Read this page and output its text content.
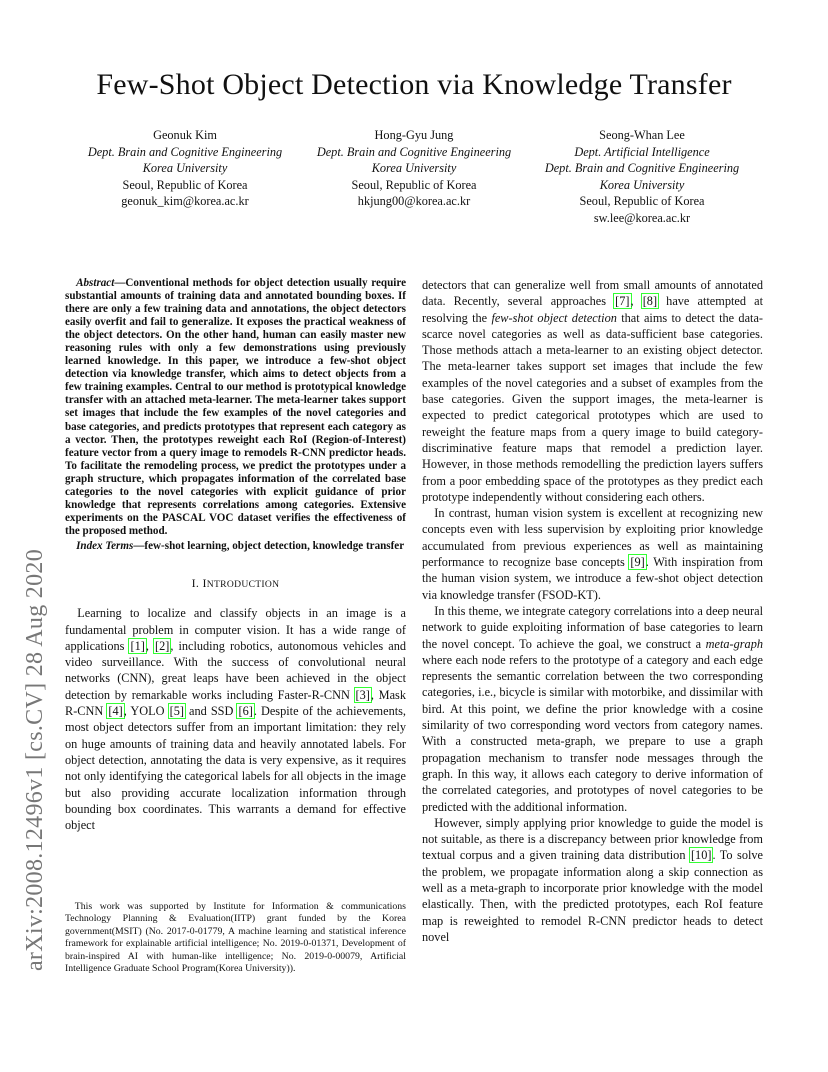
arXiv:2008.12496v1 [cs.CV] 28 Aug 2020
Few-Shot Object Detection via Knowledge Transfer
Geonuk Kim
Dept. Brain and Cognitive Engineering
Korea University
Seoul, Republic of Korea
geonuk_kim@korea.ac.kr
Hong-Gyu Jung
Dept. Brain and Cognitive Engineering
Korea University
Seoul, Republic of Korea
hkjung00@korea.ac.kr
Seong-Whan Lee
Dept. Artificial Intelligence
Dept. Brain and Cognitive Engineering
Korea University
Seoul, Republic of Korea
sw.lee@korea.ac.kr

Abstract—Conventional methods for object detection usually require substantial amounts of training data and annotated bounding boxes. If there are only a few training data and annotations, the object detectors easily overfit and fail to generalize. It exposes the practical weakness of the object detectors. On the other hand, human can easily master new reasoning rules with only a few demonstrations using previously learned knowledge. In this paper, we introduce a few-shot object detection via knowledge transfer, which aims to detect objects from a few training examples. Central to our method is prototypical knowledge transfer with an attached meta-learner. The meta-learner takes support set images that include the few examples of the novel categories and base categories, and predicts prototypes that represent each category as a vector. Then, the prototypes reweight each RoI (Region-of-Interest) feature vector from a query image to remodels R-CNN predictor heads. To facilitate the remodeling process, we predict the prototypes under a graph structure, which propagates information of the correlated base categories to the novel categories with explicit guidance of prior knowledge that represents correlations among categories. Extensive experiments on the PASCAL VOC dataset verifies the effectiveness of the proposed method.

Index Terms—few-shot learning, object detection, knowledge transfer

I. INTRODUCTION

Learning to localize and classify objects in an image is a fundamental problem in computer vision. It has a wide range of applications [1], [2], including robotics, autonomous vehicles and video surveillance. With the success of convolutional neural networks (CNN), great leaps have been achieved in the object detection by remarkable works including Faster-R-CNN [3], Mask R-CNN [4], YOLO [5] and SSD [6]. Despite of the achievements, most object detectors suffer from an important limitation: they rely on huge amounts of training data and heavily annotated labels. For object detection, annotating the data is very expensive, as it requires not only identifying the categorical labels for all objects in the image but also providing accurate localization information through bounding box coordinates. This warrants a demand for effective object

This work was supported by Institute for Information & communications Technology Planning & Evaluation(IITP) grant funded by the Korea government(MSIT) (No. 2017-0-01779, A machine learning and statistical inference framework for explainable artificial intelligence; No. 2019-0-01371, Development of brain-inspired AI with human-like intelligence; No. 2019-0-00079, Artificial Intelligence Graduate School Program(Korea University)).

detectors that can generalize well from small amounts of annotated data. Recently, several approaches [7], [8] have attempted at resolving the few-shot object detection that aims to detect the data-scarce novel categories as well as data-sufficient base categories. Those methods attach a meta-learner to an existing object detector. The meta-learner takes support set images that include the few examples of the novel categories and a subset of examples from the base categories. Given the support images, the meta-learner is expected to predict categorical prototypes which are used to reweight the feature maps from a query image to build category-discriminative feature maps that remodel a prediction layer. However, in those methods remodelling the prediction layers suffers from a poor embedding space of the prototypes as they predict each prototype independently without considering each others.

In contrast, human vision system is excellent at recognizing new concepts even with less supervision by exploiting prior knowledge accumulated from previous experiences as well as maintaining performance to recognize base concepts [9]. With inspiration from the human vision system, we introduce a few-shot object detection via knowledge transfer (FSOD-KT).

In this theme, we integrate category correlations into a deep neural network to guide exploiting information of base categories to learn the novel concept. To achieve the goal, we construct a meta-graph where each node refers to the prototype of a category and each edge represents the semantic correlation between the two corresponding categories, i.e., bicycle is similar with motorbike, and dissimilar with bird. At this point, we define the prior knowledge with a cosine similarity of two corresponding word vectors from category names. With a constructed meta-graph, we prepare to use a graph propagation mechanism to transfer node messages through the graph. In this way, it allows each category to derive information of the correlated categories, and prototypes of novel categories to be predicted with the additional information.

However, simply applying prior knowledge to guide the model is not suitable, as there is a discrepancy between prior knowledge from textual corpus and a given training data distribution [10]. To solve the problem, we propagate information along a skip connection as well as a meta-graph to incorporate prior knowledge with the model elastically. Then, with the predicted prototypes, each RoI feature map is reweighted to remodel R-CNN predictor heads to detect novel
